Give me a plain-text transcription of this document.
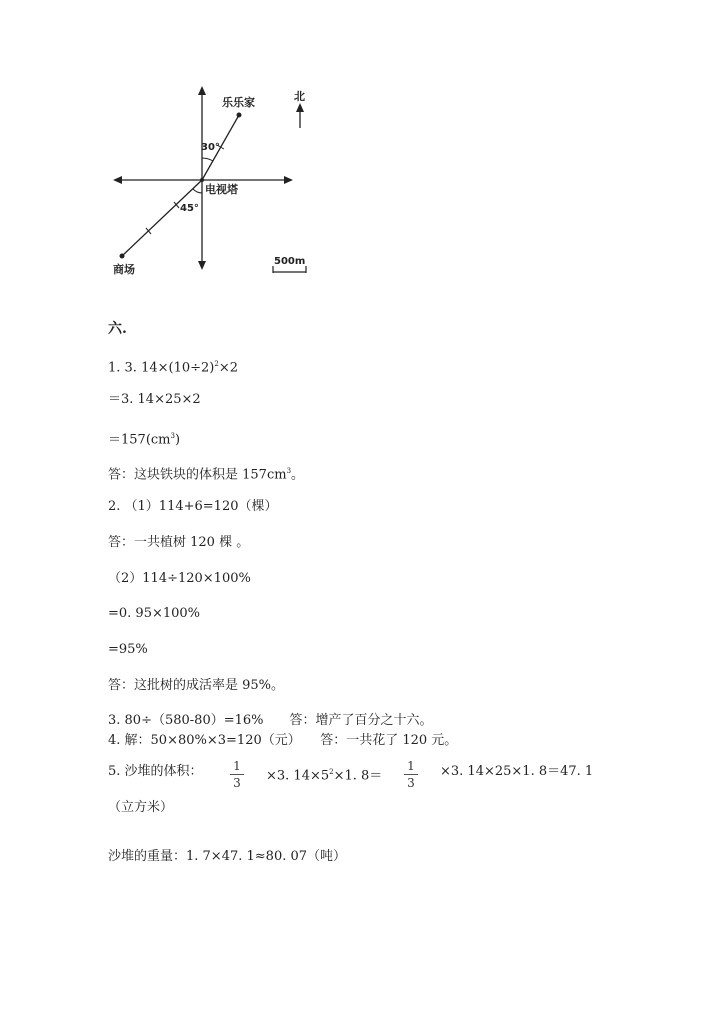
北
乐乐家
30°
电视塔
45°
商场
500m
六.
1. 3. $14\times(10\div 2)^2\times 2$
＝3. 14×25×2
$=157(cm^3)$
答：这块铁块的体积是 $157cm^3$。
2. （1）114+6=120（棵）
答：一共植树 120 棵 。
（2）114÷120×100%
=0. 95×100%
=95%
答：这批树的成活率是 95%。
3. 80÷（580-80）=16%　　答：增产了百分之十六。
4. 解：50×80%×3=120（元）　　答：一共花了 120 元。
5. 沙堆的体积：	1
3 ×3. $14\times 5^2\times 1$. 8＝
1
3
×3. 14×25×1. 8＝47. 1
（立方米）
沙堆的重量：1. 7×47. 1≈80. 07（吨）
